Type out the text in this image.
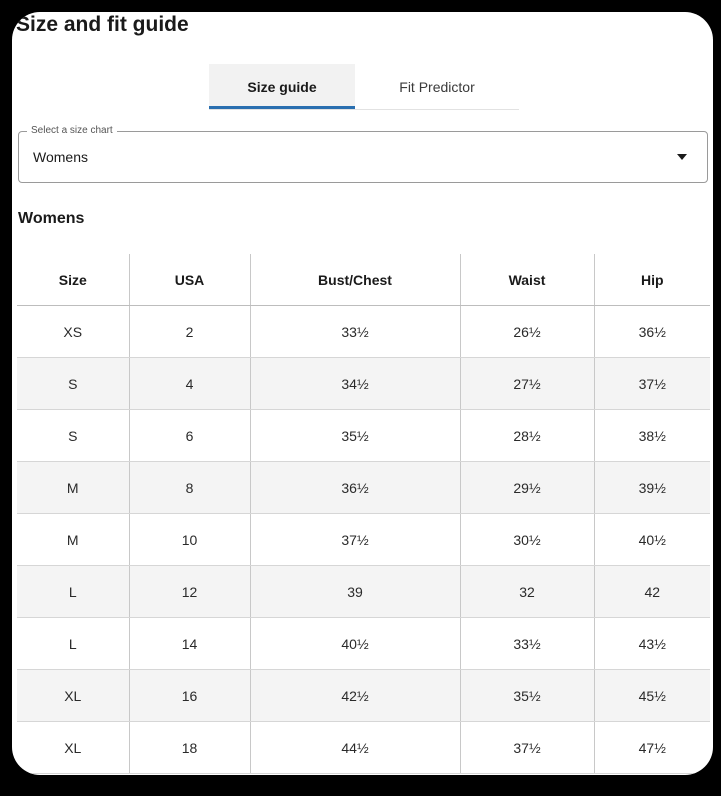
Size and fit guide
Size guide	Fit Predictor
Select a size chart
Womens
Womens
Size	USA	Bust/Chest	Waist	Hip
XS	2	33½	26½	36½
S	4	34½	27½	37½
S	6	35½	28½	38½
M	8	36½	29½	39½
M	10	37½	30½	40½
L	12	39	32	42
L	14	40½	33½	43½
XL	16	42½	35½	45½
XL	18	44½	37½	47½
